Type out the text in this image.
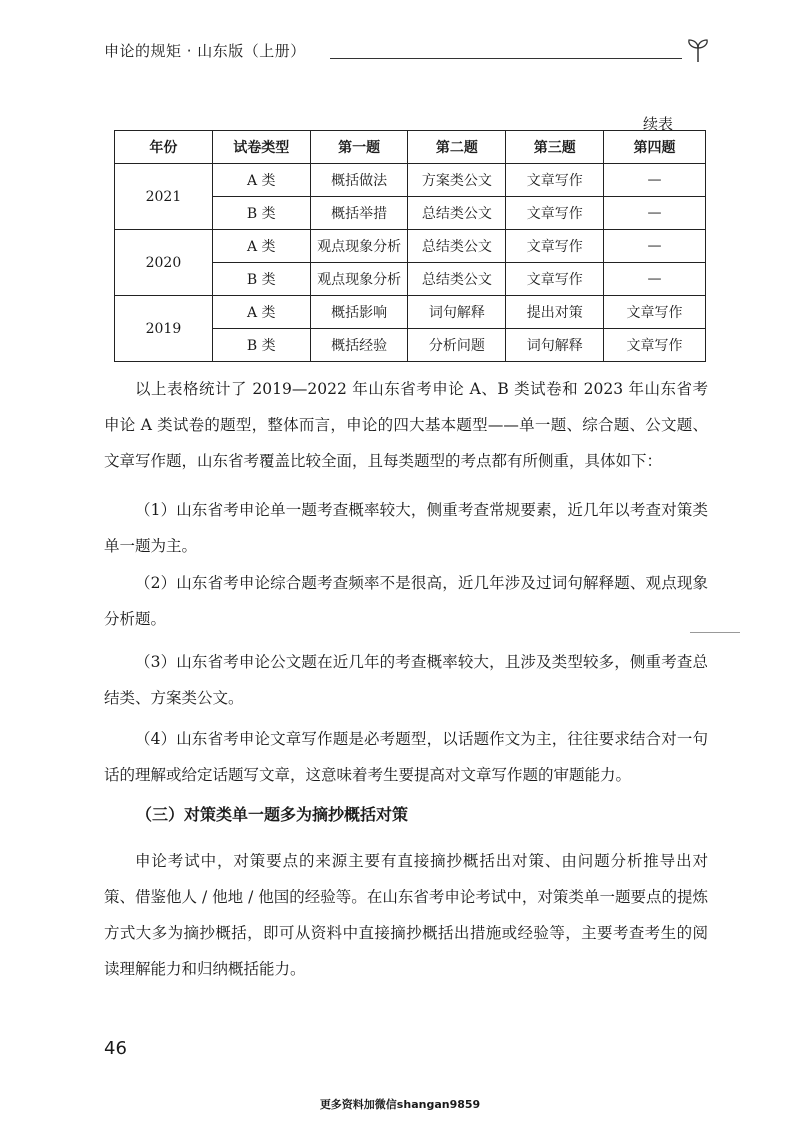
申论的规矩 · 山东版（上册）
续表
年份	试卷类型	第一题	第二题	第三题	第四题
2021	A 类	概括做法	方案类公文	文章写作	—
	B 类	概括举措	总结类公文	文章写作	—
2020	A 类	观点现象分析	总结类公文	文章写作	—
	B 类	观点现象分析	总结类公文	文章写作	—
2019	A 类	概括影响	词句解释	提出对策	文章写作
	B 类	概括经验	分析问题	词句解释	文章写作

以上表格统计了 2019—2022 年山东省考申论 A、B 类试卷和 2023 年山东省考申论 A 类试卷的题型，整体而言，申论的四大基本题型——单一题、综合题、公文题、文章写作题，山东省考覆盖比较全面，且每类题型的考点都有所侧重，具体如下：

（1）山东省考申论单一题考查概率较大，侧重考查常规要素，近几年以考查对策类单一题为主。

（2）山东省考申论综合题考查频率不是很高，近几年涉及过词句解释题、观点现象分析题。

（3）山东省考申论公文题在近几年的考查概率较大，且涉及类型较多，侧重考查总结类、方案类公文。

（4）山东省考申论文章写作题是必考题型，以话题作文为主，往往要求结合对一句话的理解或给定话题写文章，这意味着考生要提高对文章写作题的审题能力。

（三）对策类单一题多为摘抄概括对策

申论考试中，对策要点的来源主要有直接摘抄概括出对策、由问题分析推导出对策、借鉴他人 / 他地 / 他国的经验等。在山东省考申论考试中，对策类单一题要点的提炼方式大多为摘抄概括，即可从资料中直接摘抄概括出措施或经验等，主要考查考生的阅读理解能力和归纳概括能力。

46
更多资料加微信shangan9859
